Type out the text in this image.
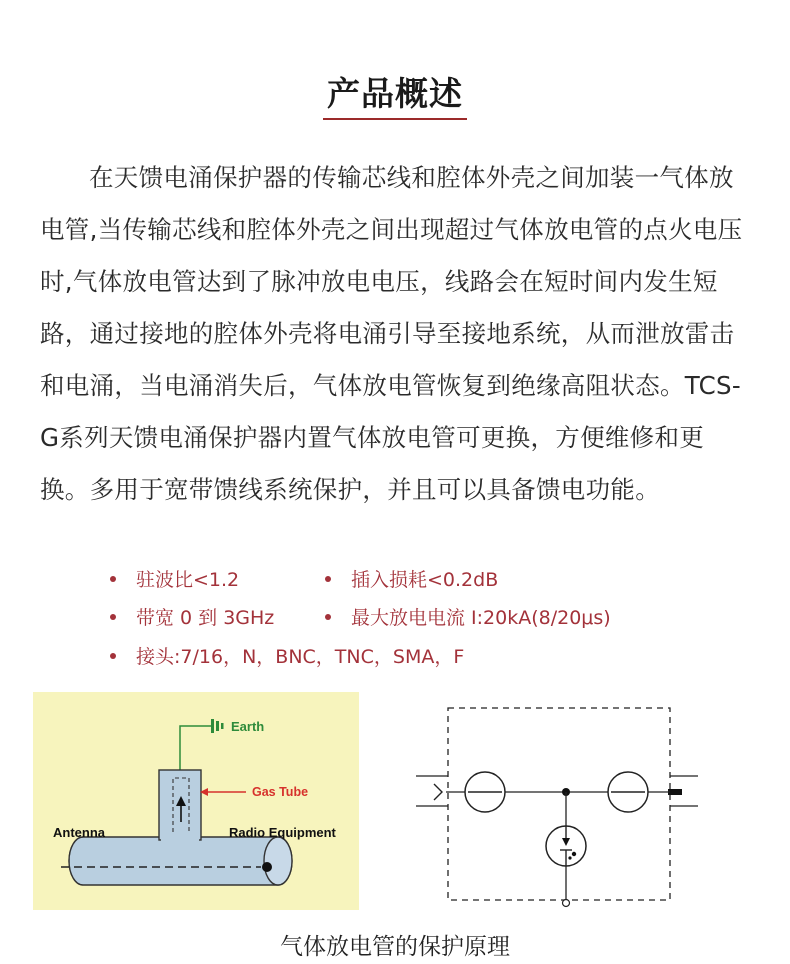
产品概述

在天馈电涌保护器的传输芯线和腔体外壳之间加装一气体放电管,当传输芯线和腔体外壳之间出现超过气体放电管的点火电压时,气体放电管达到了脉冲放电电压，线路会在短时间内发生短路，通过接地的腔体外壳将电涌引导至接地系统，从而泄放雷击和电涌，当电涌消失后，气体放电管恢复到绝缘高阻状态。TCS-G系列天馈电涌保护器内置气体放电管可更换，方便维修和更换。多用于宽带馈线系统保护，并且可以具备馈电功能。

驻波比<1.2	插入损耗<0.2dB
带宽 0 到 3GHz	最大放电电流 I:20kA(8/20μs)
接头:7/16，N，BNC，TNC，SMA，F
Earth
Gas Tube
Antenna	Radio Equipment
气体放电管的保护原理
